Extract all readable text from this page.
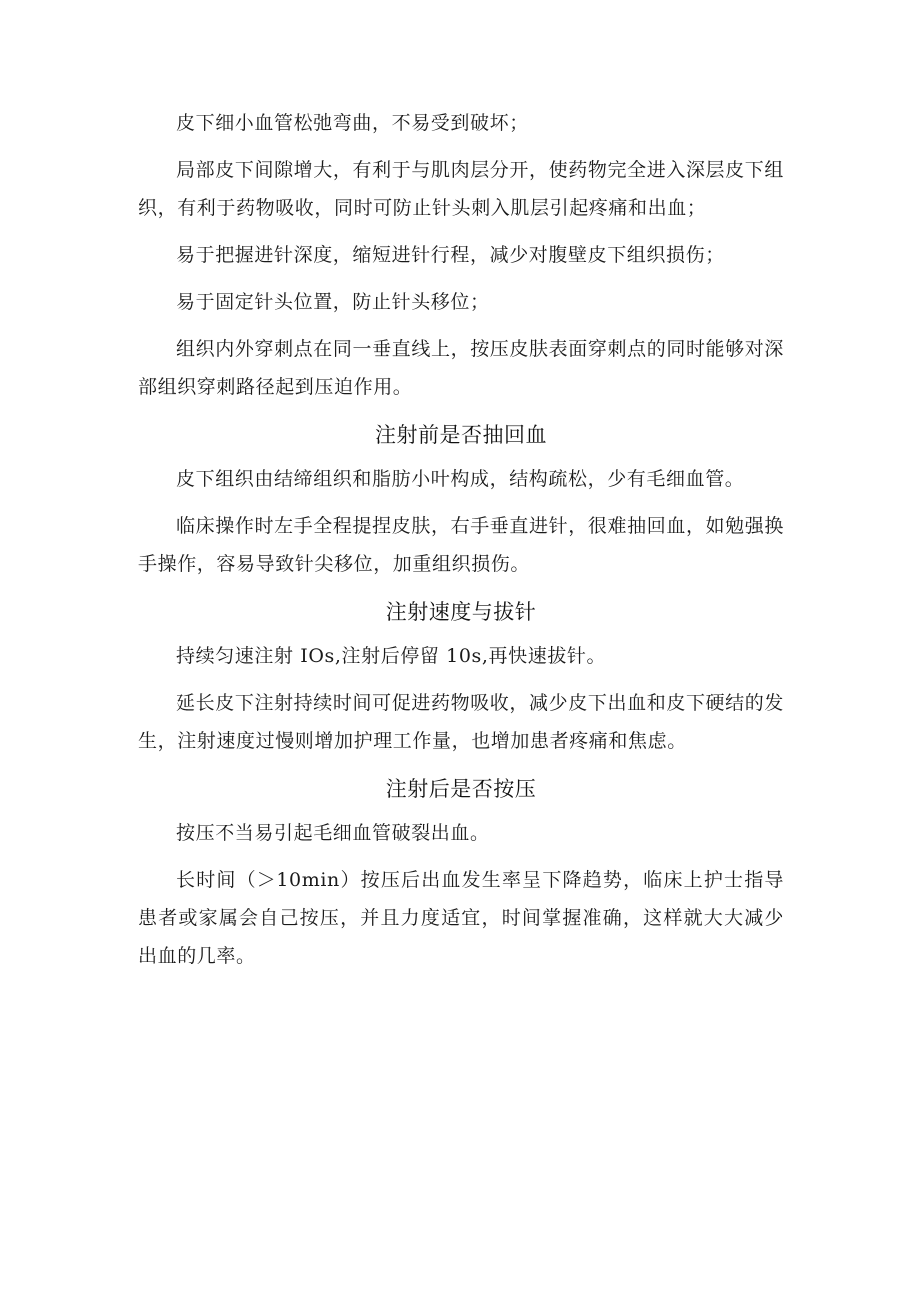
皮下细小血管松弛弯曲，不易受到破坏；

局部皮下间隙增大，有利于与肌肉层分开，使药物完全进入深层皮下组织，有利于药物吸收，同时可防止针头刺入肌层引起疼痛和出血；

易于把握进针深度，缩短进针行程，减少对腹壁皮下组织损伤；

易于固定针头位置，防止针头移位；

组织内外穿刺点在同一垂直线上，按压皮肤表面穿刺点的同时能够对深部组织穿刺路径起到压迫作用。

注射前是否抽回血

皮下组织由结缔组织和脂肪小叶构成，结构疏松，少有毛细血管。

临床操作时左手全程提捏皮肤，右手垂直进针，很难抽回血，如勉强换手操作，容易导致针尖移位，加重组织损伤。

注射速度与拔针

持续匀速注射 IOs,注射后停留 10s,再快速拔针。

延长皮下注射持续时间可促进药物吸收，减少皮下出血和皮下硬结的发生，注射速度过慢则增加护理工作量，也增加患者疼痛和焦虑。

注射后是否按压

按压不当易引起毛细血管破裂出血。

长时间（＞10min）按压后出血发生率呈下降趋势，临床上护士指导患者或家属会自己按压，并且力度适宜，时间掌握准确，这样就大大减少出血的几率。
